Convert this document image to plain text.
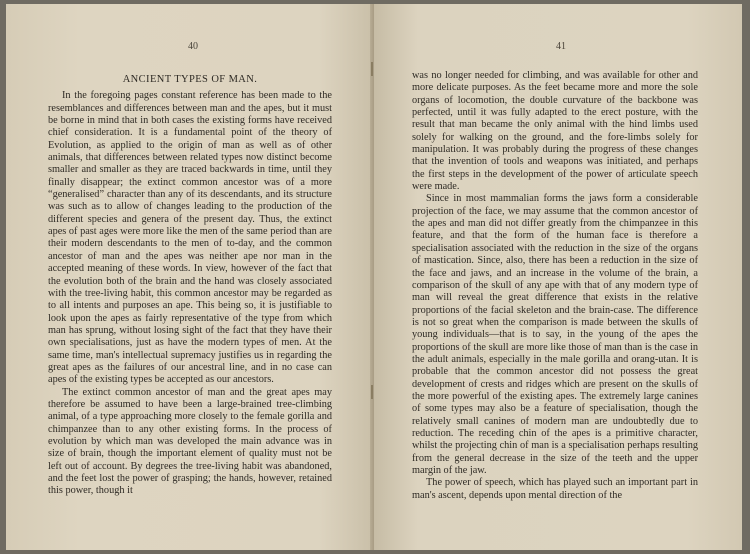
40
ANCIENT TYPES OF MAN.

In the foregoing pages constant reference has been made to the resemblances and differences between man and the apes, but it must be borne in mind that in both cases the existing forms have received chief consideration. It is a fundamental point of the theory of Evolution, as applied to the origin of man as well as of other animals, that differences between related types now distinct become smaller and smaller as they are traced backwards in time, until they finally disappear; the extinct common ancestor was of a more “generalised” character than any of its descendants, and its structure was such as to allow of changes leading to the production of the different species and genera of the present day. Thus, the extinct apes of past ages were more like the men of the same period than are their modern descendants to the men of to-day, and the common ancestor of man and the apes was neither ape nor man in the accepted meaning of these words. In view, however of the fact that the evolution both of the brain and the hand was closely associated with the tree-living habit, this common ancestor may be regarded as to all intents and purposes an ape. This being so, it is justifiable to look upon the apes as fairly representative of the type from which man has sprung, without losing sight of the fact that they have their own specialisations, just as have the modern types of men. At the same time, man's intellectual supremacy justifies us in regarding the great apes as the failures of our ancestral line, and in no case can apes of the existing types be accepted as our ancestors.

The extinct common ancestor of man and the great apes may therefore be assumed to have been a large-brained tree-climbing animal, of a type approaching more closely to the female gorilla and chimpanzee than to any other existing forms. In the process of evolution by which man was developed the main advance was in size of brain, though the important element of quality must not be left out of account. By degrees the tree-living habit was abandoned, and the feet lost the power of grasping; the hands, however, retained this power, though it

41

was no longer needed for climbing, and was available for other and more delicate purposes. As the feet became more and more the sole organs of locomotion, the double curvature of the backbone was perfected, until it was fully adapted to the erect posture, with the result that man became the only animal with the hind limbs used solely for walking on the ground, and the fore-limbs solely for manipulation. It was probably during the progress of these changes that the invention of tools and weapons was initiated, and perhaps the first steps in the development of the power of articulate speech were made.

Since in most mammalian forms the jaws form a considerable projection of the face, we may assume that the common ancestor of the apes and man did not differ greatly from the chimpanzee in this feature, and that the form of the human face is therefore a specialisation associated with the reduction in the size of the organs of mastication. Since, also, there has been a reduction in the size of the face and jaws, and an increase in the volume of the brain, a comparison of the skull of any ape with that of any modern type of man will reveal the great difference that exists in the relative proportions of the facial skeleton and the brain-case. The difference is not so great when the comparison is made between the skulls of young individuals—that is to say, in the young of the apes the proportions of the skull are more like those of man than is the case in the adult animals, especially in the male gorilla and orang-utan. It is probable that the common ancestor did not possess the great development of crests and ridges which are present on the skulls of the more powerful of the existing apes. The extremely large canines of some types may also be a feature of specialisation, though the relatively small canines of modern man are undoubtedly due to reduction. The receding chin of the apes is a primitive character, whilst the projecting chin of man is a specialisation perhaps resulting from the general decrease in the size of the teeth and the upper margin of the jaw.

The power of speech, which has played such an important part in man's ascent, depends upon mental direction of the
